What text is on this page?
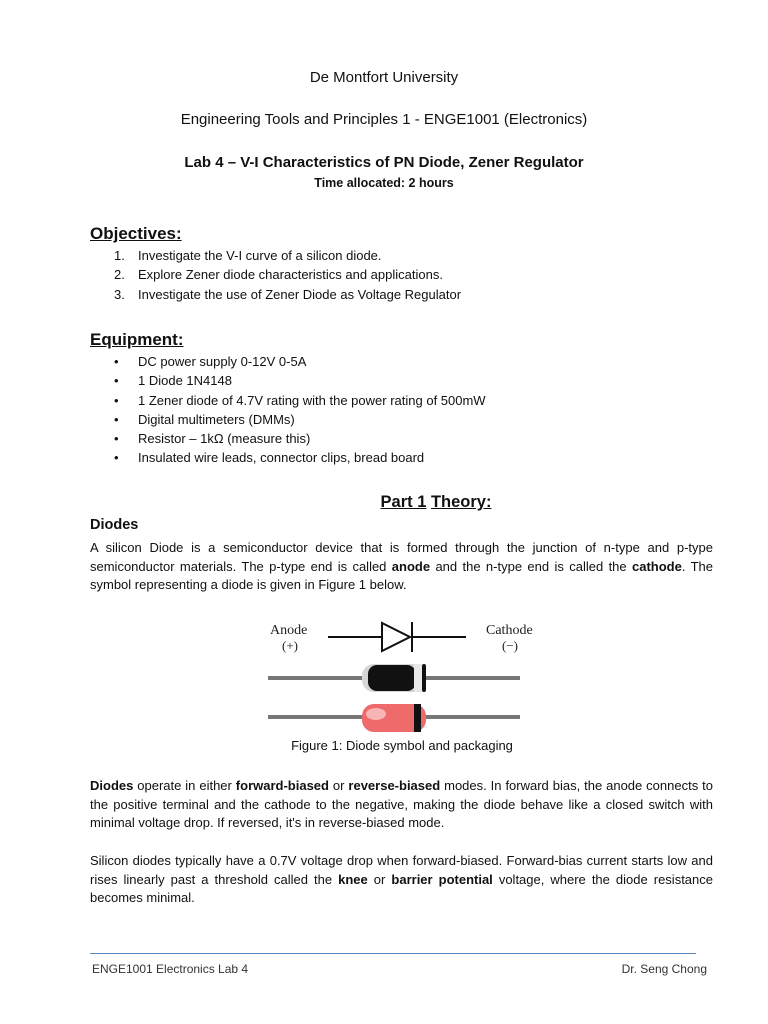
De Montfort University
Engineering Tools and Principles 1 - ENGE1001 (Electronics)
Lab 4 – V-I Characteristics of PN Diode, Zener Regulator
Time allocated: 2 hours
Objectives:
1.	Investigate the V-I curve of a silicon diode.
2.	Explore Zener diode characteristics and applications.
3.	Investigate the use of Zener Diode as Voltage Regulator
Equipment:
•	DC power supply 0-12V 0-5A
•	1 Diode 1N4148
•	1 Zener diode of 4.7V rating with the power rating of 500mW
•	Digital multimeters (DMMs)
•	Resistor – 1kΩ (measure this)
•	Insulated wire leads, connector clips, bread board
Part 1 Theory:
Diodes
A silicon Diode is a semiconductor device that is formed through the junction of n-type and p-type semiconductor materials. The p-type end is called anode and the n-type end is called the cathode. The symbol representing a diode is given in Figure 1 below.
Anode
(+)
Cathode
(−)
Figure 1: Diode symbol and packaging
Diodes operate in either forward-biased or reverse-biased modes. In forward bias, the anode connects to the positive terminal and the cathode to the negative, making the diode behave like a closed switch with minimal voltage drop. If reversed, it's in reverse-biased mode.
Silicon diodes typically have a 0.7V voltage drop when forward-biased. Forward-bias current starts low and rises linearly past a threshold called the knee or barrier potential voltage, where the diode resistance becomes minimal.
ENGE1001 Electronics Lab 4	Dr. Seng Chong
